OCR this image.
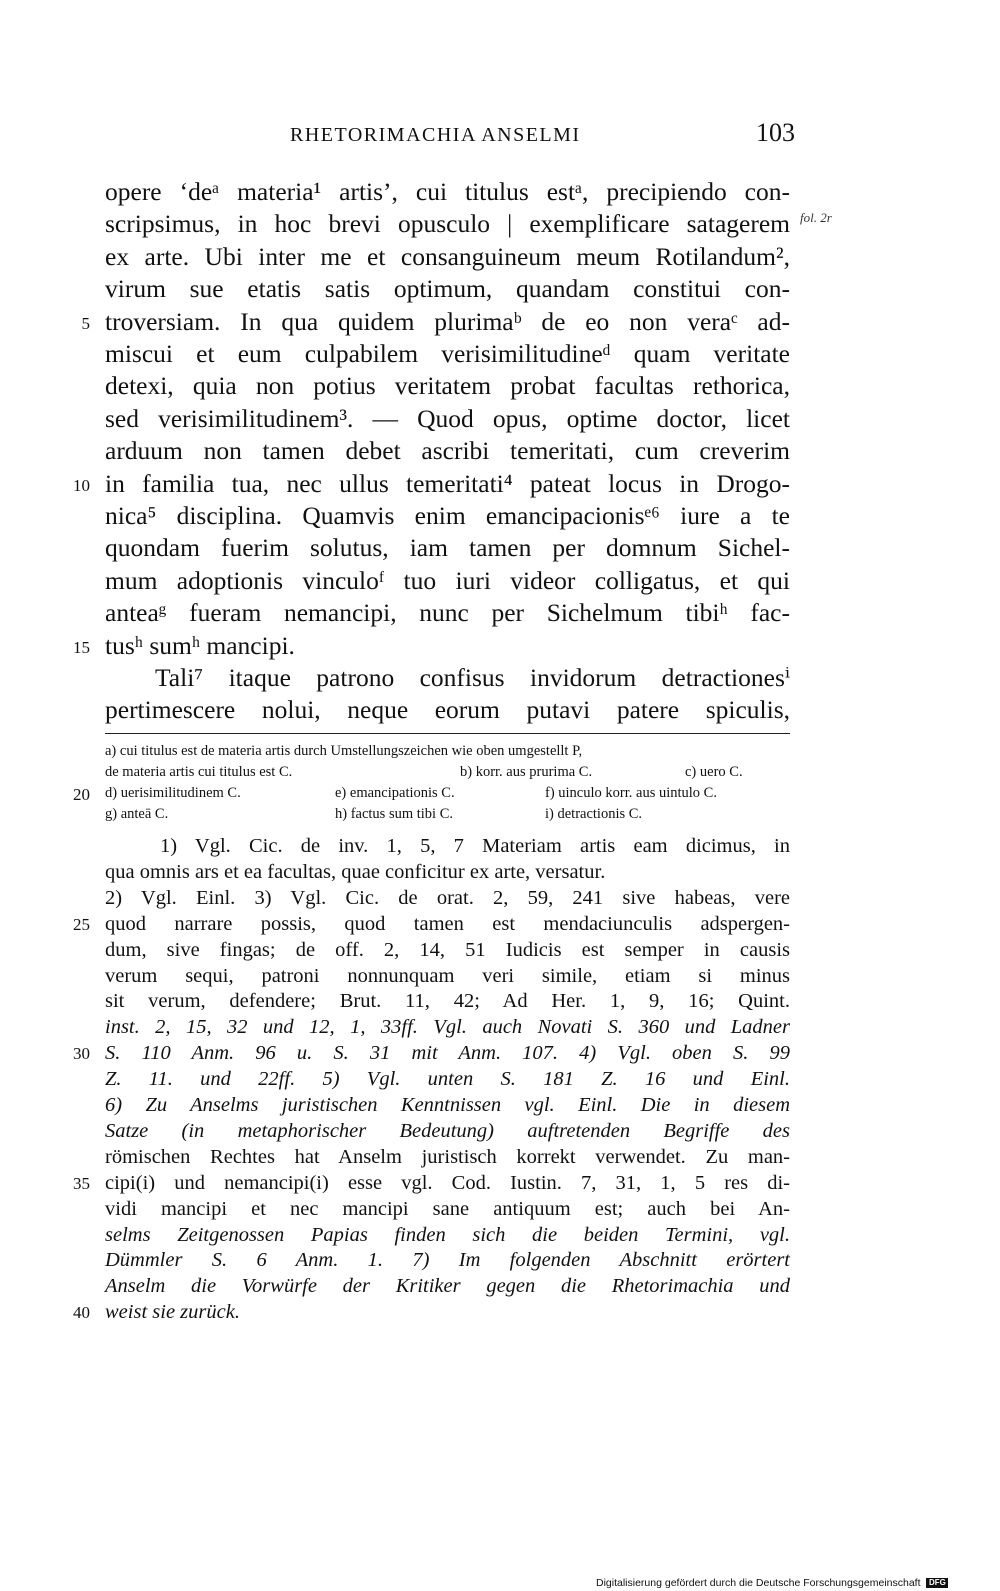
RHETORIMACHIA ANSELMI	103
fol. 2r
opere ‘deᵃ materia¹ artis’, cui titulus estᵃ, precipiendo con-
scripsimus, in hoc brevi opusculo | exemplificare satagerem
ex arte. Ubi inter me et consanguineum meum Rotilandum²,
virum sue etatis satis optimum, quandam constitui con-
troversiam. In qua quidem plurimaᵇ de eo non veraᶜ ad-
5
miscui et eum culpabilem verisimilitudineᵈ quam veritate
detexi, quia non potius veritatem probat facultas rethorica,
sed verisimilitudinem³. — Quod opus, optime doctor, licet
arduum non tamen debet ascribi temeritati, cum creverim
in familia tua, nec ullus temeritati⁴ pateat locus in Drogo-
10
nica⁵ disciplina. Quamvis enim emancipacionisᵉ⁶ iure a te
quondam fuerim solutus, iam tamen per domnum Sichel-
mum adoptionis vinculoᶠ tuo iuri videor colligatus, et qui
anteaᵍ fueram nemancipi, nunc per Sichelmum tibiʰ fac-
tusʰ sumʰ mancipi.
15
Tali⁷ itaque patrono confisus invidorum detractionesⁱ
pertimescere nolui, neque eorum putavi patere spiculis,
a) cui titulus est de materia artis durch Umstellungszeichen wie oben umgestellt P,
de materia artis cui titulus est C.	b) korr. aus prurima C.	c) uero C.
d) uerisimilitudinem C.	e) emancipationis C.	f) uinculo korr. aus uintulo C.
20
g) anteā C.	h) factus sum tibi C.	i) detractionis C.
1) Vgl. Cic. de inv. 1, 5, 7 Materiam artis eam dicimus, in
qua omnis ars et ea facultas, quae conficitur ex arte, versatur.
2) Vgl. Einl. 3) Vgl. Cic. de orat. 2, 59, 241 sive habeas, vere
quod narrare possis, quod tamen est mendaciunculis adspergen-
25
dum, sive fingas; de off. 2, 14, 51 Iudicis est semper in causis
verum sequi, patroni nonnunquam veri simile, etiam si minus
sit verum, defendere; Brut. 11, 42; Ad Her. 1, 9, 16; Quint.
inst. 2, 15, 32 und 12, 1, 33ff. Vgl. auch Novati S. 360 und Ladner
S. 110 Anm. 96 u. S. 31 mit Anm. 107. 4) Vgl. oben S. 99
30
Z. 11. und 22ff. 5) Vgl. unten S. 181 Z. 16 und Einl.
6) Zu Anselms juristischen Kenntnissen vgl. Einl. Die in diesem
Satze (in metaphorischer Bedeutung) auftretenden Begriffe des
römischen Rechtes hat Anselm juristisch korrekt verwendet. Zu man-
cipi(i) und nemancipi(i) esse vgl. Cod. Iustin. 7, 31, 1, 5 res di-
35
vidi mancipi et nec mancipi sane antiquum est; auch bei An-
selms Zeitgenossen Papias finden sich die beiden Termini, vgl.
Dümmler S. 6 Anm. 1. 7) Im folgenden Abschnitt erörtert
Anselm die Vorwürfe der Kritiker gegen die Rhetorimachia und
weist sie zurück.
40
Digitalisierung gefördert durch die Deutsche Forschungsgemeinschaft DFG
